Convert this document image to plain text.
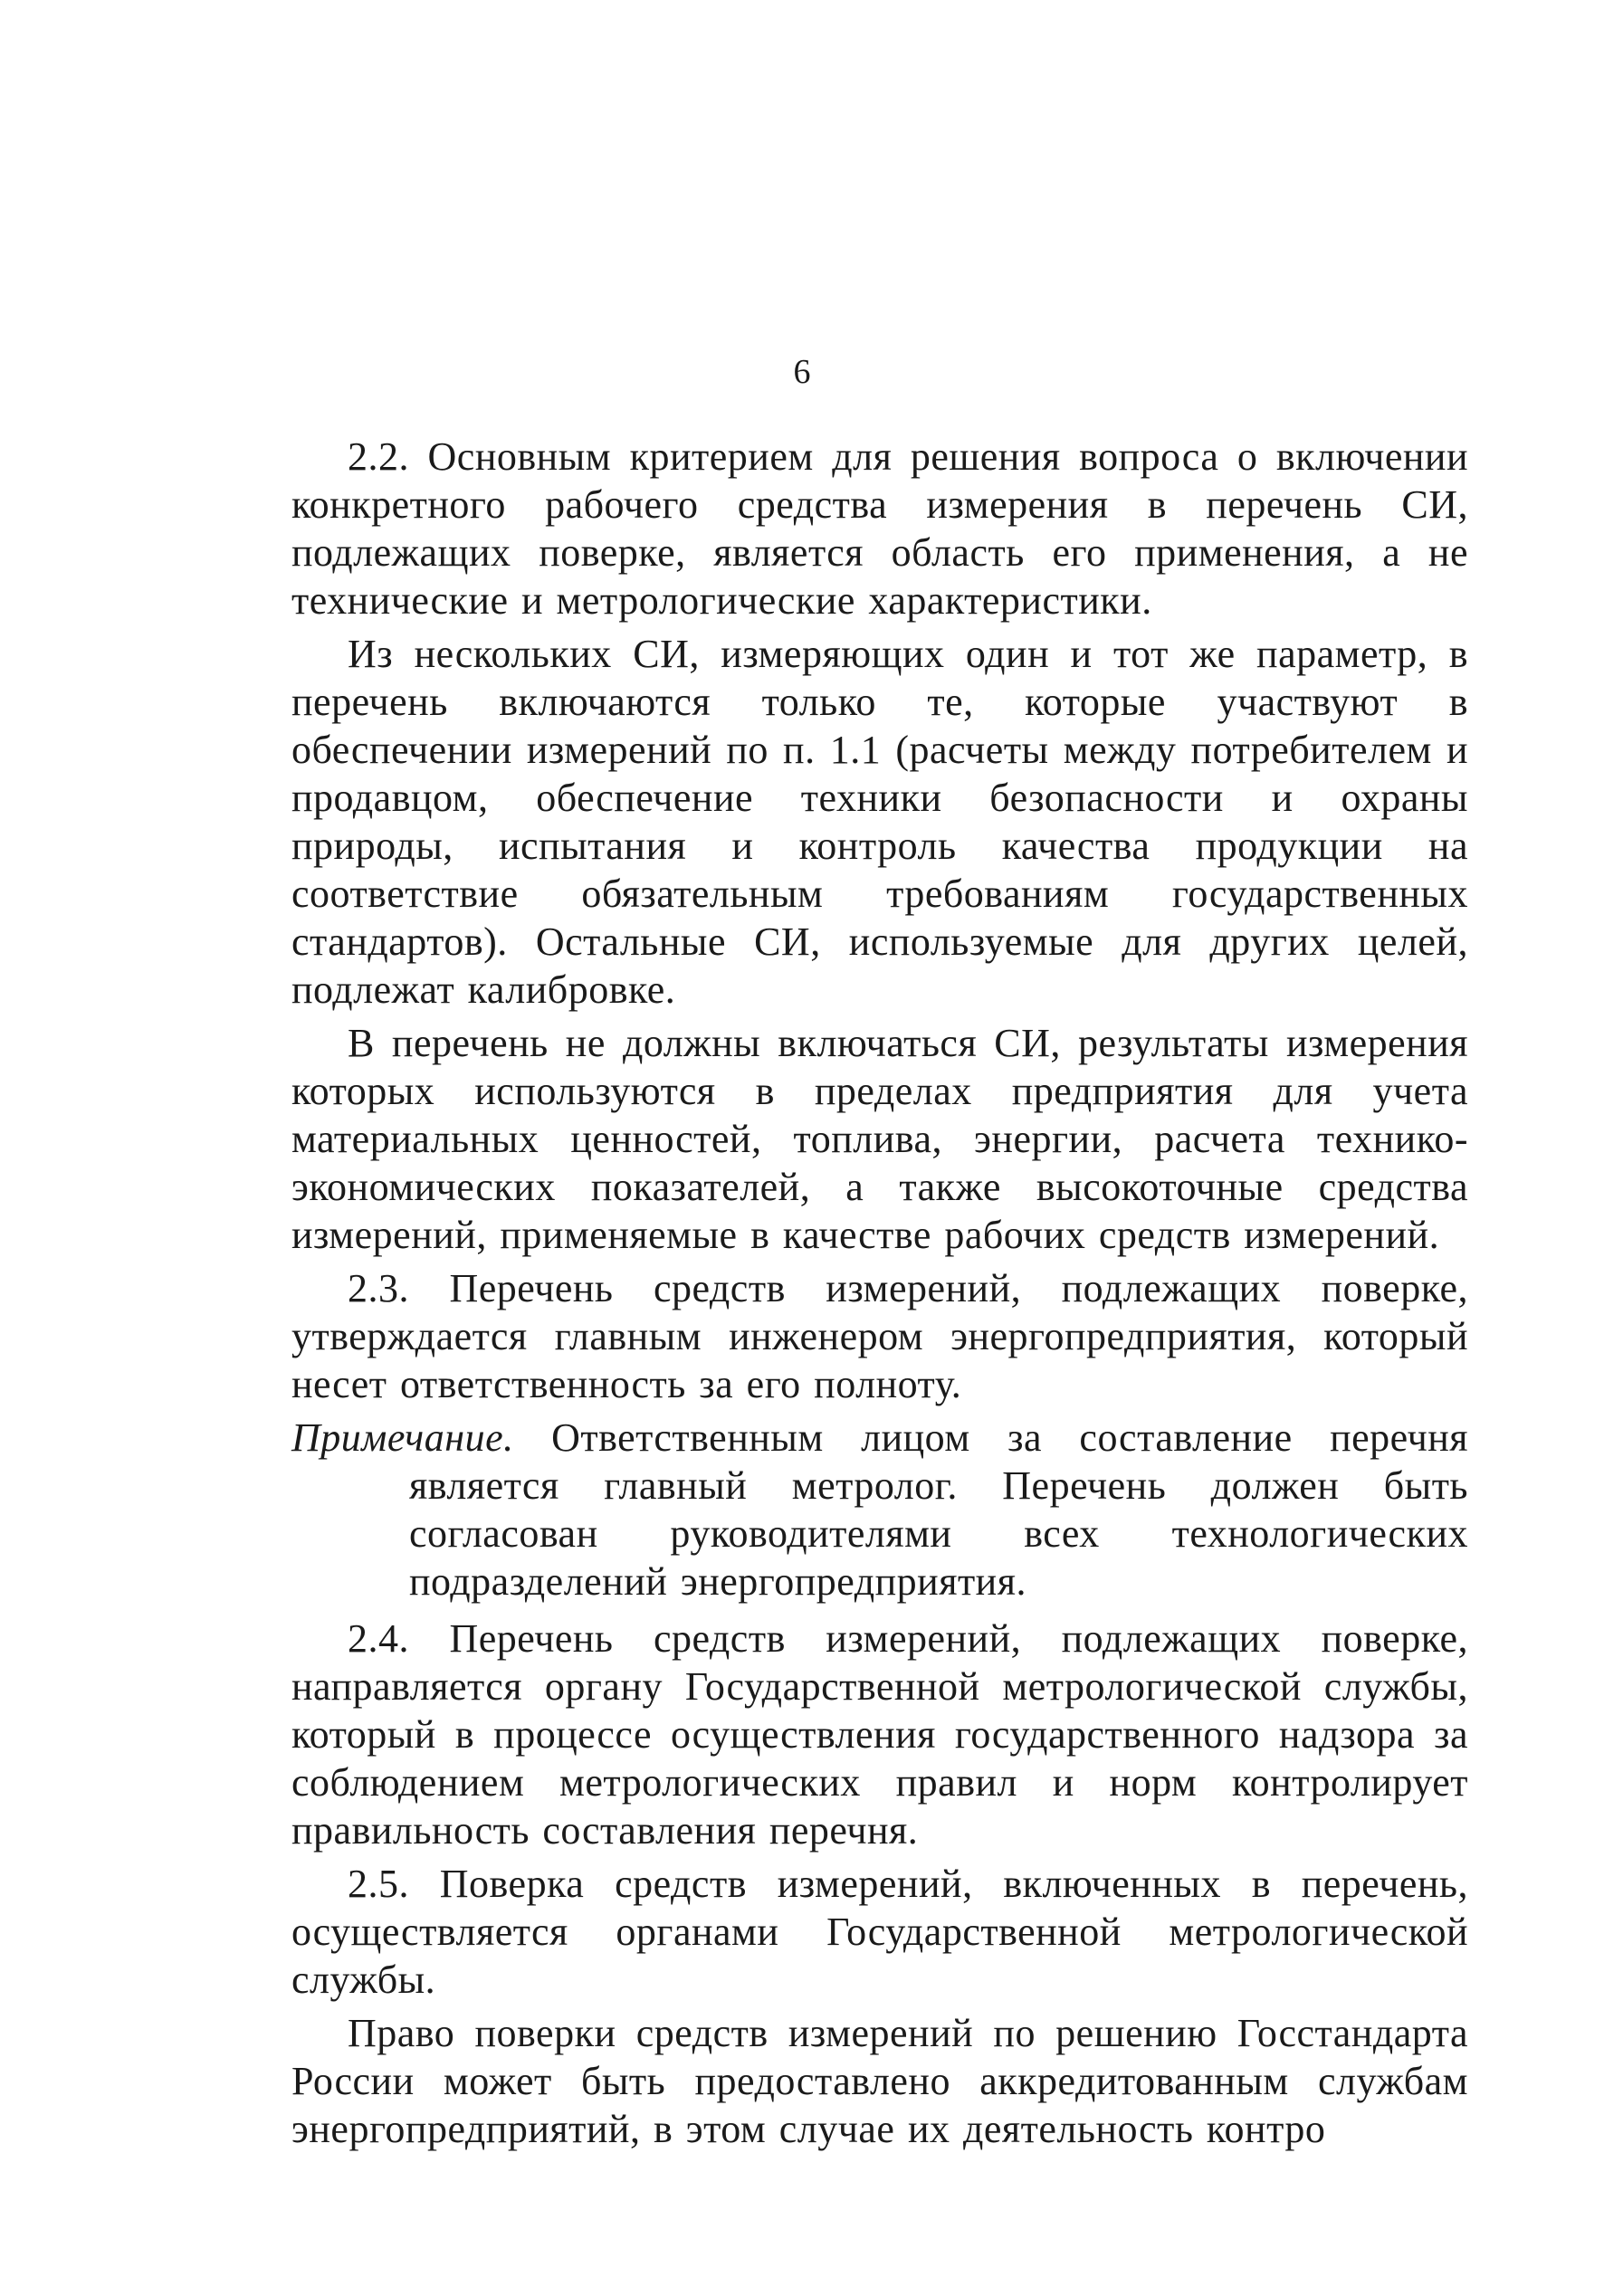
6

2.2. Основным критерием для решения вопроса о включении конкретного рабочего средства измерения в перечень СИ, подлежащих поверке, является область его применения, а не технические и метрологические характеристики.

Из нескольких СИ, измеряющих один и тот же параметр, в перечень включаются только те, которые участвуют в обеспечении измерений по п. 1.1 (расчеты между потребителем и продавцом, обеспечение техники безопасности и охраны природы, испытания и контроль качества продукции на соответствие обязательным требованиям государственных стандартов). Остальные СИ, используемые для других целей, подлежат калибровке.

В перечень не должны включаться СИ, результаты измерения которых используются в пределах предприятия для учета материальных ценностей, топлива, энергии, расчета технико-экономических показателей, а также высокоточные средства измерений, применяемые в качестве рабочих средств измерений.

2.3. Перечень средств измерений, подлежащих поверке, утверждается главным инженером энергопредприятия, который несет ответственность за его полноту.

Примечание. Ответственным лицом за составление перечня является главный метролог. Перечень должен быть согласован руководителями всех технологических подразделений энергопредприятия.

2.4. Перечень средств измерений, подлежащих поверке, направляется органу Государственной метрологической службы, который в процессе осуществления государственного надзора за соблюдением метрологических правил и норм контролирует правильность составления перечня.

2.5. Поверка средств измерений, включенных в перечень, осуществляется органами Государственной метрологической службы.

Право поверки средств измерений по решению Госстандарта России может быть предоставлено аккредитованным службам энергопредприятий, в этом случае их деятельность контро
